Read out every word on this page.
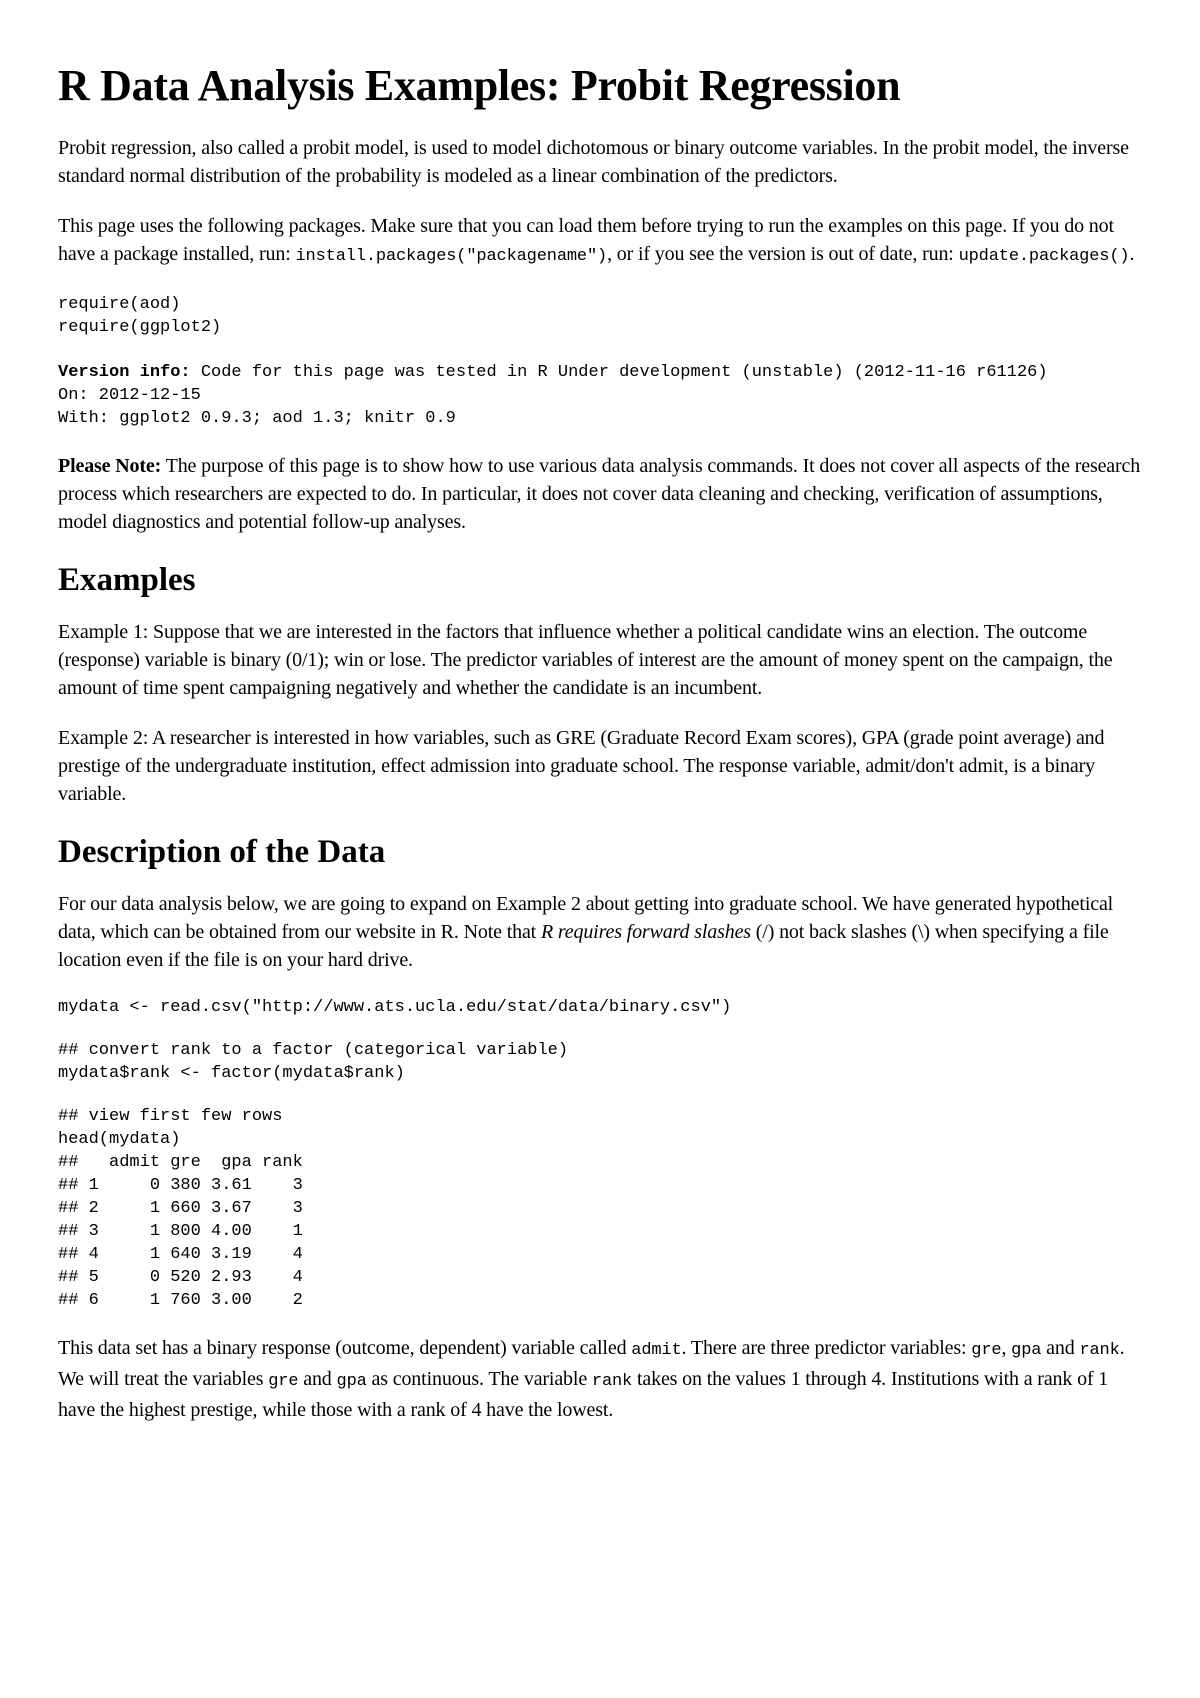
R Data Analysis Examples: Probit Regression

Probit regression, also called a probit model, is used to model dichotomous or binary outcome variables. In the probit model, the inverse standard normal distribution of the probability is modeled as a linear combination of the predictors.

This page uses the following packages. Make sure that you can load them before trying to run the examples on this page. If you do not have a package installed, run: install.packages("packagename"), or if you see the version is out of date, run: update.packages().

require(aod)
require(ggplot2)
Version info: Code for this page was tested in R Under development (unstable) (2012-11-16 r61126)
On: 2012-12-15
With: ggplot2 0.9.3; aod 1.3; knitr 0.9

Please Note: The purpose of this page is to show how to use various data analysis commands. It does not cover all aspects of the research process which researchers are expected to do. In particular, it does not cover data cleaning and checking, verification of assumptions, model diagnostics and potential follow-up analyses.

Examples

Example 1: Suppose that we are interested in the factors that influence whether a political candidate wins an election. The outcome (response) variable is binary (0/1); win or lose. The predictor variables of interest are the amount of money spent on the campaign, the amount of time spent campaigning negatively and whether the candidate is an incumbent.

Example 2: A researcher is interested in how variables, such as GRE (Graduate Record Exam scores), GPA (grade point average) and prestige of the undergraduate institution, effect admission into graduate school. The response variable, admit/don't admit, is a binary variable.

Description of the Data

For our data analysis below, we are going to expand on Example 2 about getting into graduate school. We have generated hypothetical data, which can be obtained from our website in R. Note that R requires forward slashes (/) not back slashes (\) when specifying a file location even if the file is on your hard drive.

mydata <- read.csv("http://www.ats.ucla.edu/stat/data/binary.csv")
## convert rank to a factor (categorical variable)
mydata$rank <- factor(mydata$rank)
## view first few rows
head(mydata)
##   admit gre  gpa rank
## 1     0 380 3.61    3
## 2     1 660 3.67    3
## 3     1 800 4.00    1
## 4     1 640 3.19    4
## 5     0 520 2.93    4
## 6     1 760 3.00    2

This data set has a binary response (outcome, dependent) variable called admit. There are three predictor variables: gre, gpa and rank. We will treat the variables gre and gpa as continuous. The variable rank takes on the values 1 through 4. Institutions with a rank of 1 have the highest prestige, while those with a rank of 4 have the lowest.
